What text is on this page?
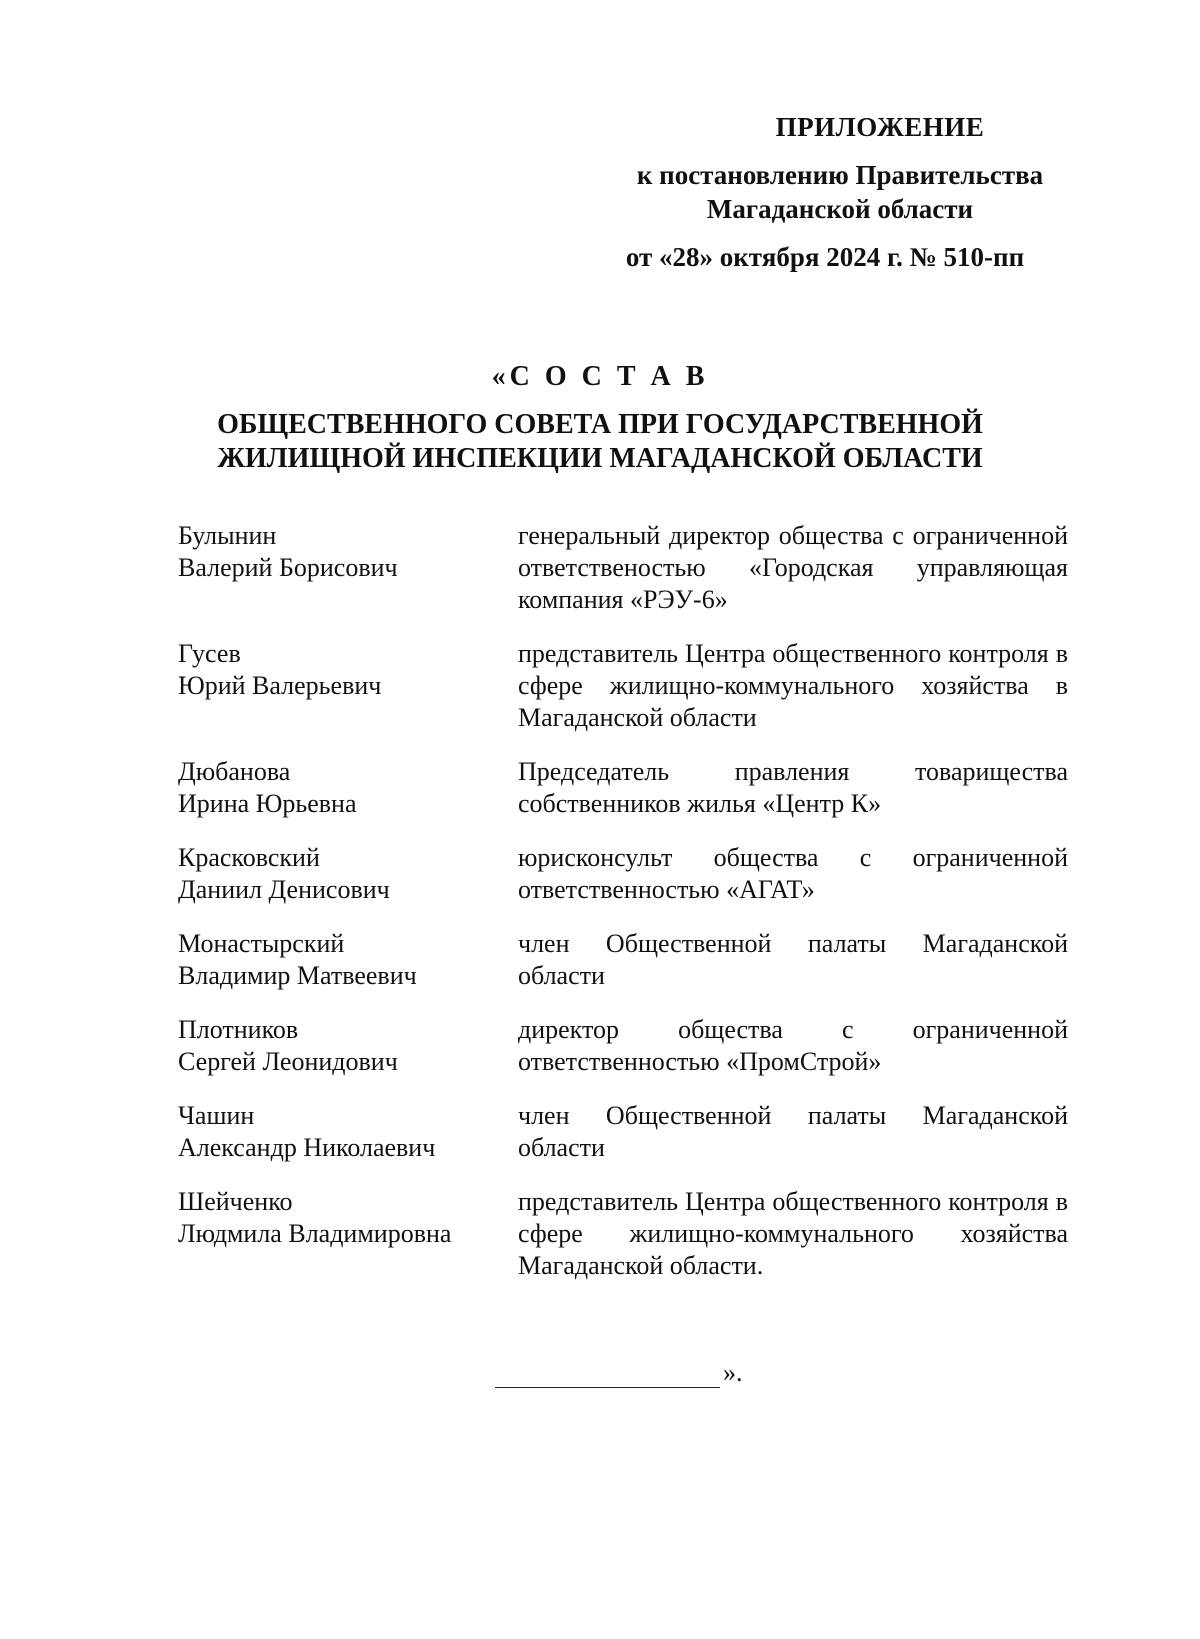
ПРИЛОЖЕНИЕ
к постановлению Правительства
Магаданской области
от «28» октября 2024 г. № 510-пп
«С О С Т А В
ОБЩЕСТВЕННОГО СОВЕТА ПРИ ГОСУДАРСТВЕННОЙ
ЖИЛИЩНОЙ ИНСПЕКЦИИ МАГАДАНСКОЙ ОБЛАСТИ
Булынин
Валерий Борисович
генеральный директор общества с ограниченной ответственостью «Городская управляющая компания «РЭУ-6»
Гусев
Юрий Валерьевич
представитель Центра общественного контроля в сфере жилищно-коммунального хозяйства в Магаданской области
Дюбанова
Ирина Юрьевна
Председатель правления товарищества собственников жилья «Центр К»
Красковский
Даниил Денисович
юрисконсульт общества с ограниченной ответственностью «АГАТ»
Монастырский
Владимир Матвеевич
член Общественной палаты Магаданской области
Плотников
Сергей Леонидович
директор общества с ограниченной ответственностью «ПромСтрой»
Чашин
Александр Николаевич
член Общественной палаты Магаданской области
Шейченко
Людмила Владимировна
представитель Центра общественного контроля в сфере жилищно-коммунального хозяйства Магаданской области.
».
